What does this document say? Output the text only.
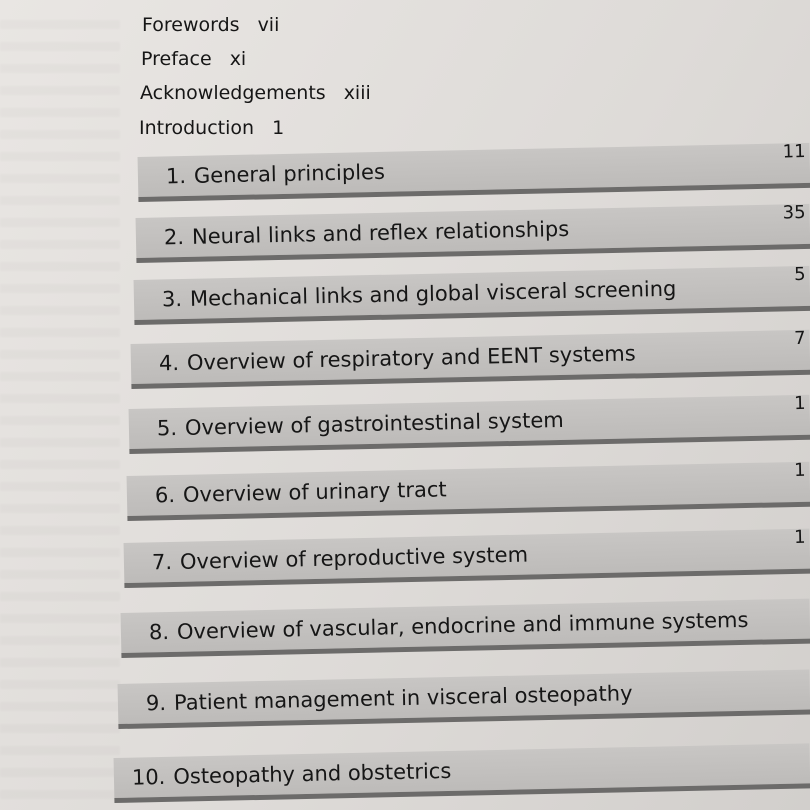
Forewords vii
Preface xi
Acknowledgements xiii
Introduction 1
1. General principles
11
2. Neural links and reflex relationships
35
3. Mechanical links and global visceral screening
5
4. Overview of respiratory and EENT systems
7
5. Overview of gastrointestinal system
1
6. Overview of urinary tract
1
7. Overview of reproductive system
1
8. Overview of vascular, endocrine and immune systems
9. Patient management in visceral osteopathy
10. Osteopathy and obstetrics
